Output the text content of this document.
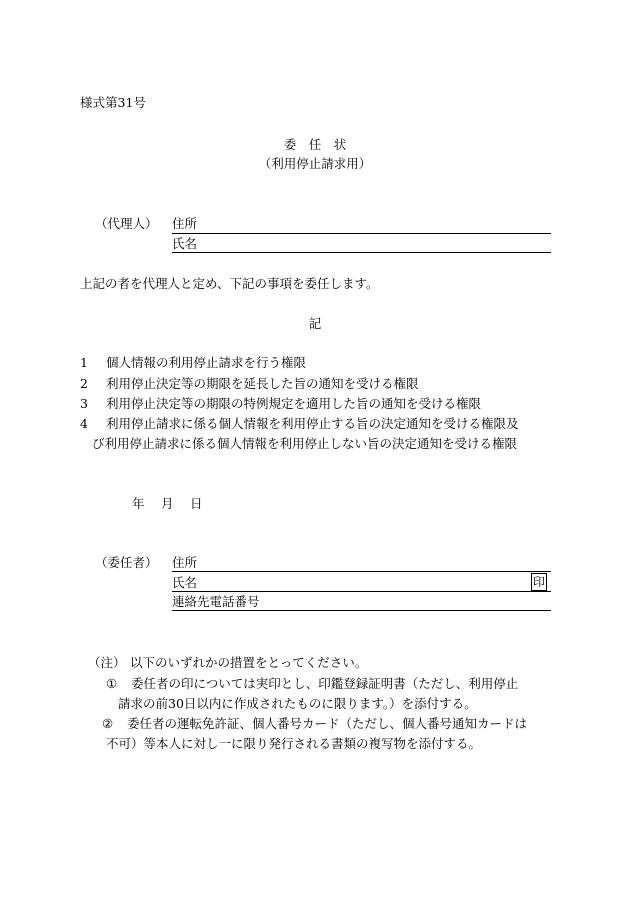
様式第31号
委　任　状
（利用停止請求用）
（代理人） 住所
氏名
上記の者を代理人と定め、下記の事項を委任します。
記
1 個人情報の利用停止請求を行う権限
2 利用停止決定等の期限を延長した旨の通知を受ける権限
3 利用停止決定等の期限の特例規定を適用した旨の通知を受ける権限
4 利用停止請求に係る個人情報を利用停止する旨の決定通知を受ける権限及
び利用停止請求に係る個人情報を利用停止しない旨の決定通知を受ける権限
年　 月　 日
（委任者） 住所
氏名	印
連絡先電話番号
（注） 以下のいずれかの措置をとってください。
① 委任者の印については実印とし、印鑑登録証明書（ただし、利用停止
請求の前30日以内に作成されたものに限ります。）を添付する。
② 委任者の運転免許証、個人番号カード（ただし、個人番号通知カードは
不可）等本人に対し一に限り発行される書類の複写物を添付する。
